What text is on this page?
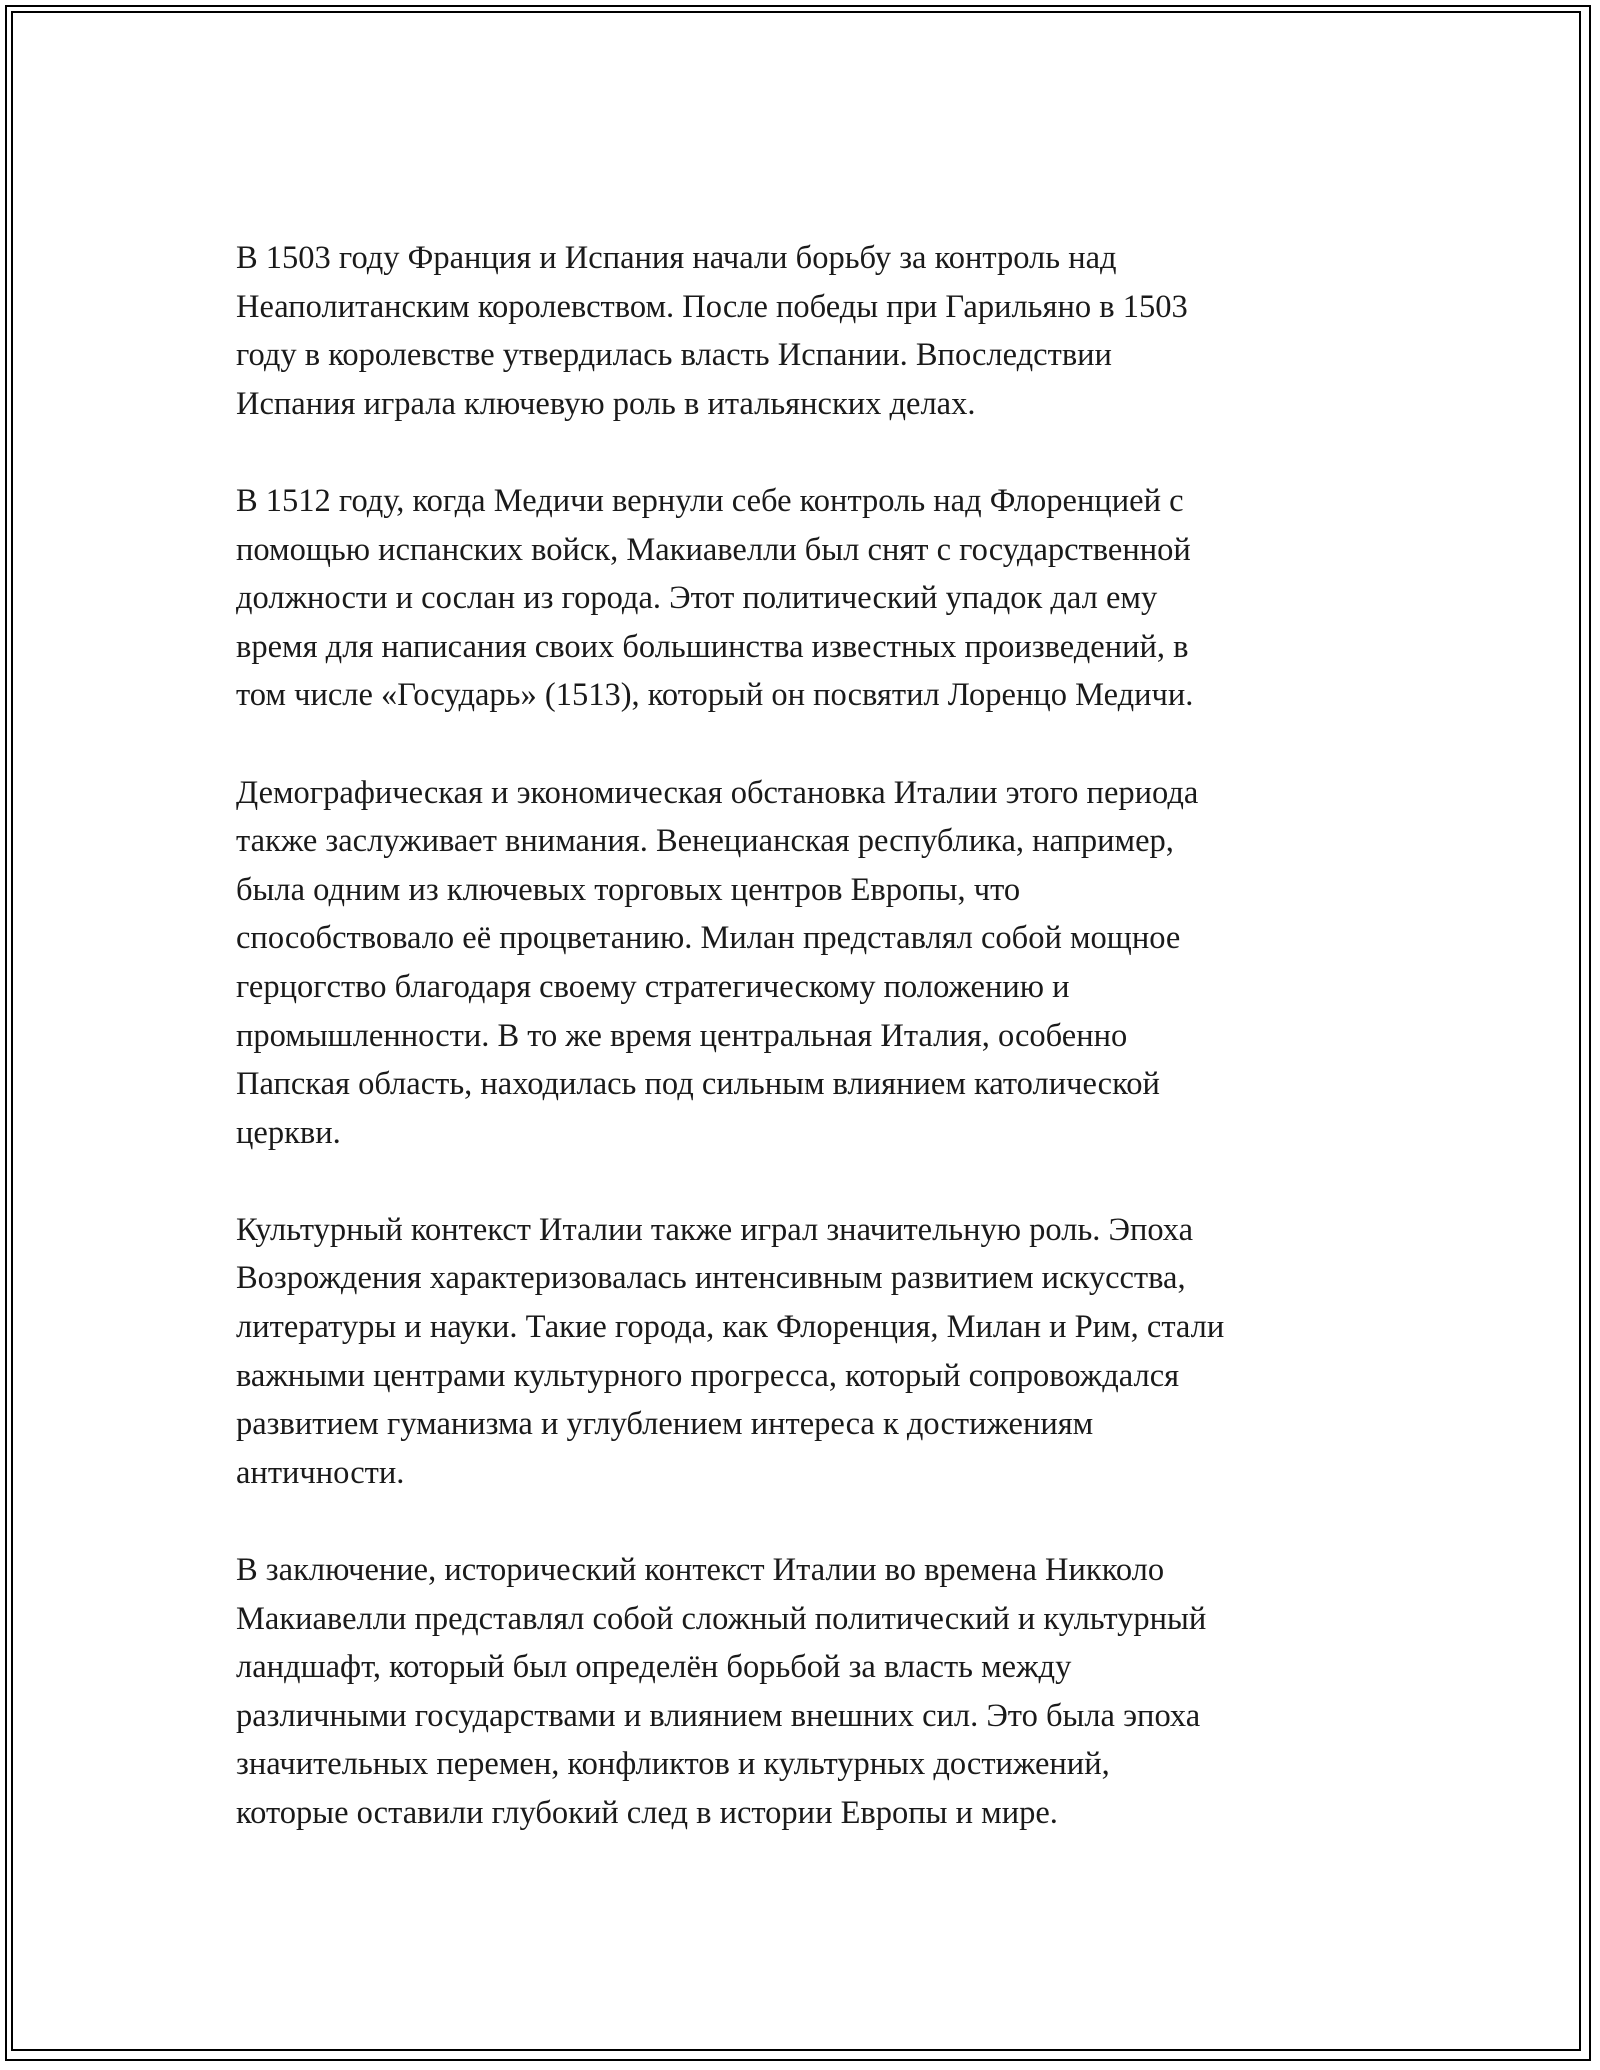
В 1503 году Франция и Испания начали борьбу за контроль над
Неаполитанским королевством. После победы при Гарильяно в 1503
году в королевстве утвердилась власть Испании. Впоследствии
Испания играла ключевую роль в итальянских делах.

В 1512 году, когда Медичи вернули себе контроль над Флоренцией с
помощью испанских войск, Макиавелли был снят с государственной
должности и сослан из города. Этот политический упадок дал ему
время для написания своих большинства известных произведений, в
том числе «Государь» (1513), который он посвятил Лоренцо Медичи.

Демографическая и экономическая обстановка Италии этого периода
также заслуживает внимания. Венецианская республика, например,
была одним из ключевых торговых центров Европы, что
способствовало её процветанию. Милан представлял собой мощное
герцогство благодаря своему стратегическому положению и
промышленности. В то же время центральная Италия, особенно
Папская область, находилась под сильным влиянием католической
церкви.

Культурный контекст Италии также играл значительную роль. Эпоха
Возрождения характеризовалась интенсивным развитием искусства,
литературы и науки. Такие города, как Флоренция, Милан и Рим, стали
важными центрами культурного прогресса, который сопровождался
развитием гуманизма и углублением интереса к достижениям
античности.

В заключение, исторический контекст Италии во времена Никколо
Макиавелли представлял собой сложный политический и культурный
ландшафт, который был определён борьбой за власть между
различными государствами и влиянием внешних сил. Это была эпоха
значительных перемен, конфликтов и культурных достижений,
которые оставили глубокий след в истории Европы и мире.
